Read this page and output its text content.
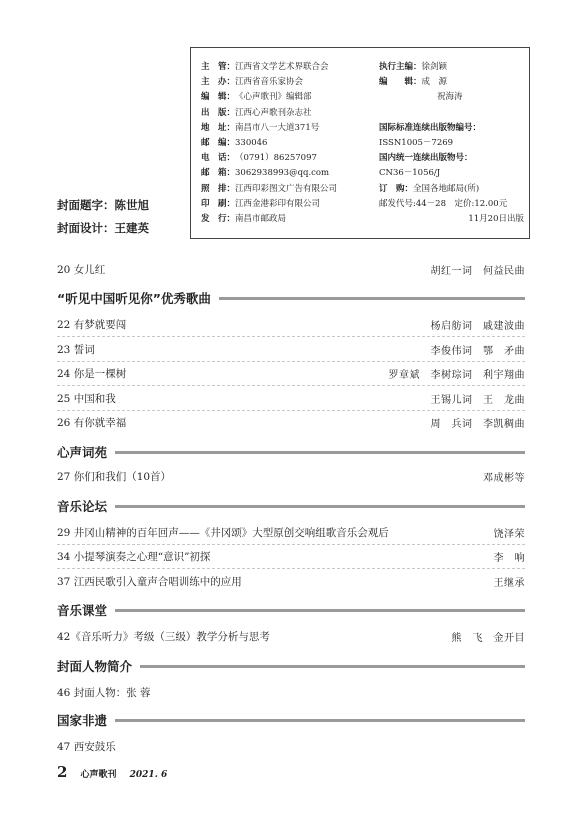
主　管：江西省文学艺术界联合会
主　办：江西省音乐家协会
编　辑：《心声歌刊》编辑部
出　版：江西心声歌刊杂志社
地　址：南昌市八一大道371号
邮　编：330046
电　话：（0791）86257097
邮　箱：3062938993@qq.com
照　排：江西印彩图文广告有限公司
印　刷：江西金港彩印有限公司
发　行：南昌市邮政局
执行主编：徐剑颖
编　　辑：成　源
祝海涛
国际标准连续出版物编号：
ISSN1005－7269
国内统一连续出版物号：
CN36－1056/J
订　购：全国各地邮局(所)
邮发代号:44－28　定价:12.00元
11月20日出版
封面题字：陈世旭
封面设计：王建英
20 女儿红	胡红一词　何益民曲
“听见中国听见你”优秀歌曲
22 有梦就要闯	杨启舫词　戚建波曲
23 誓词	李俊伟词　鄂　矛曲
24 你是一棵树	罗章斌　李树琮词　利宇翔曲
25 中国和我	王锡儿词　王　龙曲
26 有你就幸福	周　兵词　李凯稠曲
心声词苑
27 你们和我们（10首）	邓成彬等
音乐论坛
29 井冈山精神的百年回声——《井冈颂》大型原创交响组歌音乐会观后	饶泽荣
34 小提琴演奏之心理“意识”初探	李　响
37 江西民歌引入童声合唱训练中的应用	王继承
音乐课堂
42《音乐听力》考级（三级）教学分析与思考	熊　飞　金开目
封面人物简介
46 封面人物：张 蓉
国家非遗
47 西安鼓乐
2 心声歌刊 2021. 6
